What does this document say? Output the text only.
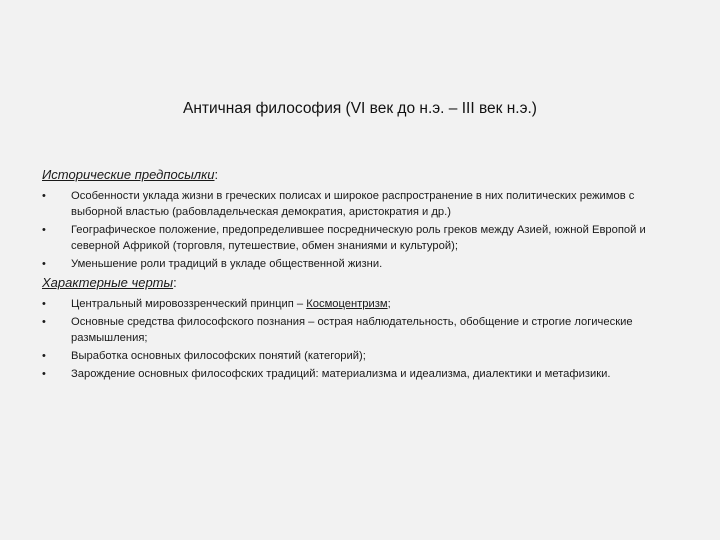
Античная философия (VI век до н.э. – III век н.э.)
Исторические предпосылки:
• Особенности уклада жизни в греческих полисах и широкое распространение в них политических режимов с выборной властью (рабовладельческая демократия, аристократия и др.)
• Географическое положение, предопределившее посредническую роль греков между Азией, южной Европой и северной Африкой (торговля, путешествие, обмен знаниями и культурой);
• Уменьшение роли традиций в укладе общественной жизни.
Характерные черты:
• Центральный мировоззренческий принцип – Космоцентризм;
• Основные средства философского познания – острая наблюдательность, обобщение и строгие логические размышления;
• Выработка основных философских понятий (категорий);
• Зарождение основных философских традиций: материализма и идеализма, диалектики и метафизики.
